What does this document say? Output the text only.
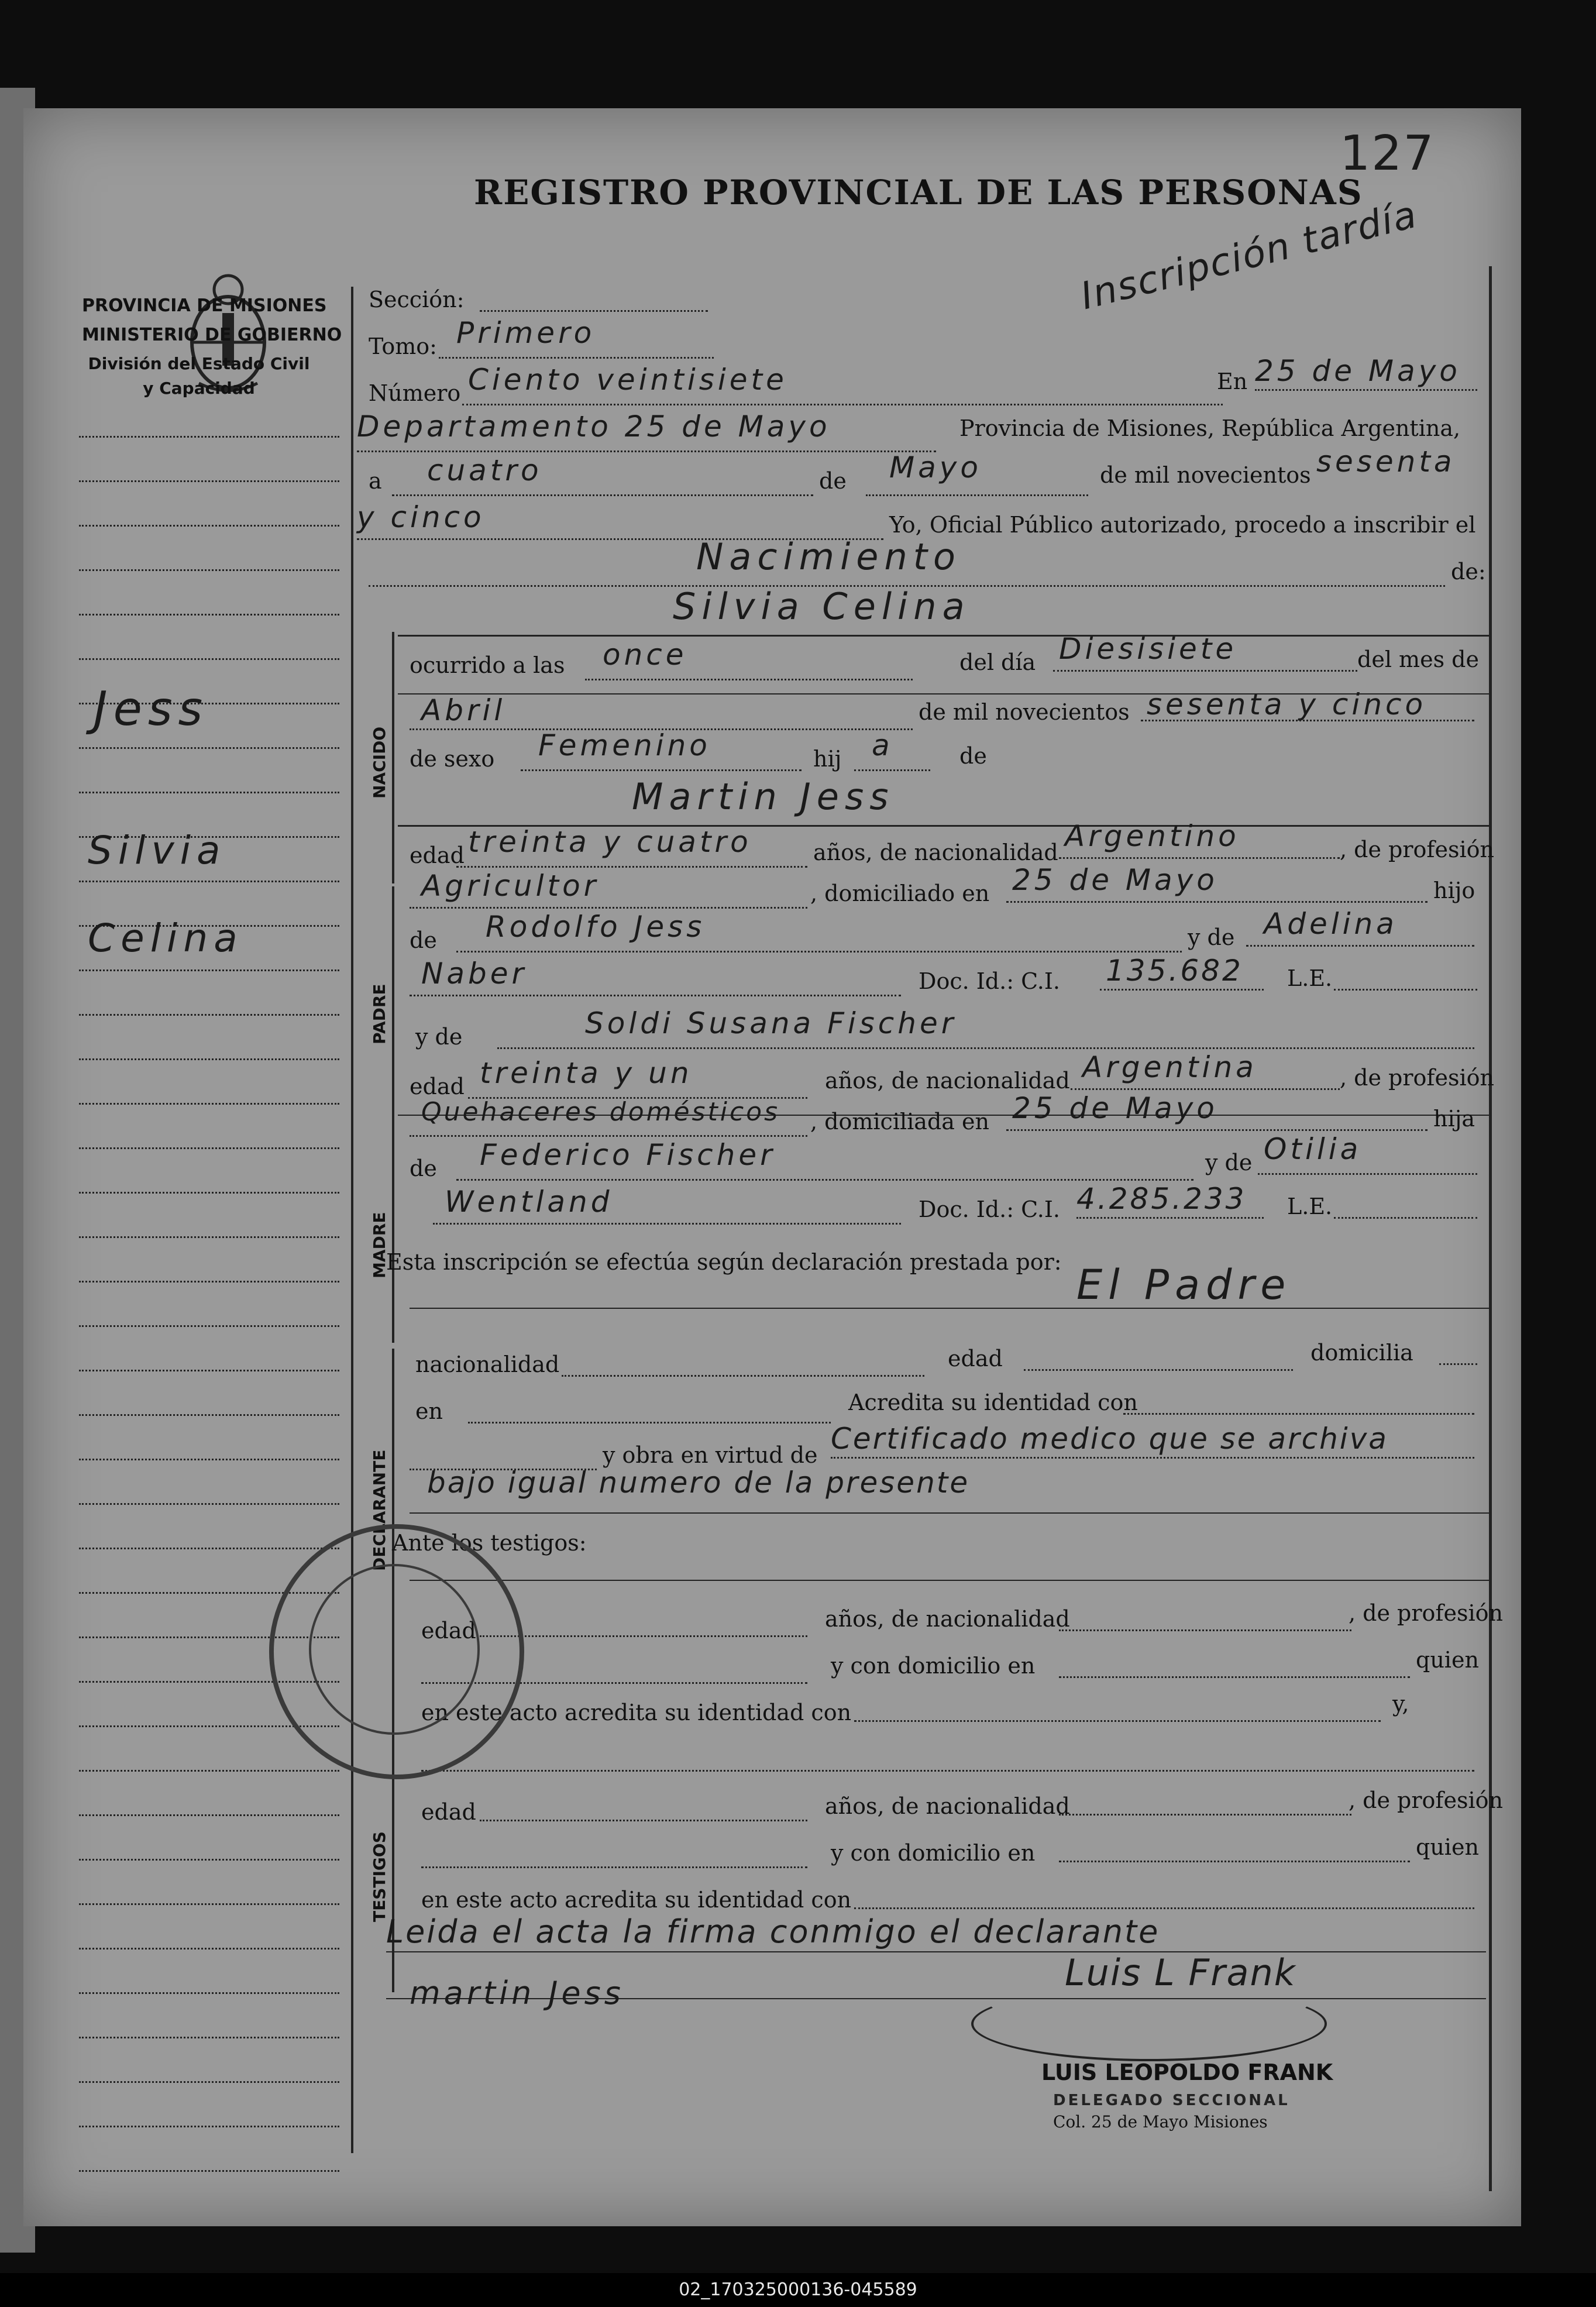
REGISTRO PROVINCIAL DE LAS PERSONAS
127
Inscripción tardía
PROVINCIA DE MISIONES
MINISTERIO DE GOBIERNO
División del Estado Civil
y Capacidad
Jess
Silvia
Celina
Sección:
Tomo: Primero
Número Ciento veintisiete	En 25 de Mayo
Departamento 25 de Mayo	Provincia de Misiones, República Argentina,
a cuatro	de Mayo	de mil novecientos sesenta
y cinco	Yo, Oficial Público autorizado, procedo a inscribir el
Nacimiento	de:
Silvia Celina
NACIDO
ocurrido a las once	del día Diesisiete	del mes de
Abril	de mil novecientos sesenta y cinco
de sexo Femenino	hij a	de
Martin Jess
PADRE
edad treinta y cuatro	años, de nacionalidad Argentino	, de profesión
Agricultor	, domiciliado en 25 de Mayo	hijo
de Rodolfo Jess	y de Adelina
Naber	Doc. Id.: C.I. 135.682 L.E.
MADRE
y de	Soldi Susana Fischer
edad treinta y un	años, de nacionalidad Argentina	, de profesión
Quehaceres domésticos , domiciliada en 25 de Mayo	hija
de Federico Fischer	y de Otilia
Wentland	Doc. Id.: C.I. 4.285.233 L.E.
Esta inscripción se efectúa según declaración prestada por: El Padre
DECLARANTE
nacionalidad	edad	domicilia
en	Acredita su identidad con
y obra en virtud de Certificado medico que se archiva
bajo igual numero de la presente
Ante los testigos:
TESTIGOS
edad	años, de nacionalidad	, de profesión
y con domicilio en	quien
en este acto acredita su identidad con	y,
edad	años, de nacionalidad	, de profesión
y con domicilio en	quien
en este acto acredita su identidad con
Leida el acta la firma conmigo el declarante
martin Jess	Luis L Frank
LUIS LEOPOLDO FRANK
DELEGADO SECCIONAL
Col. 25 de Mayo Misiones
02_170325000136-045589
